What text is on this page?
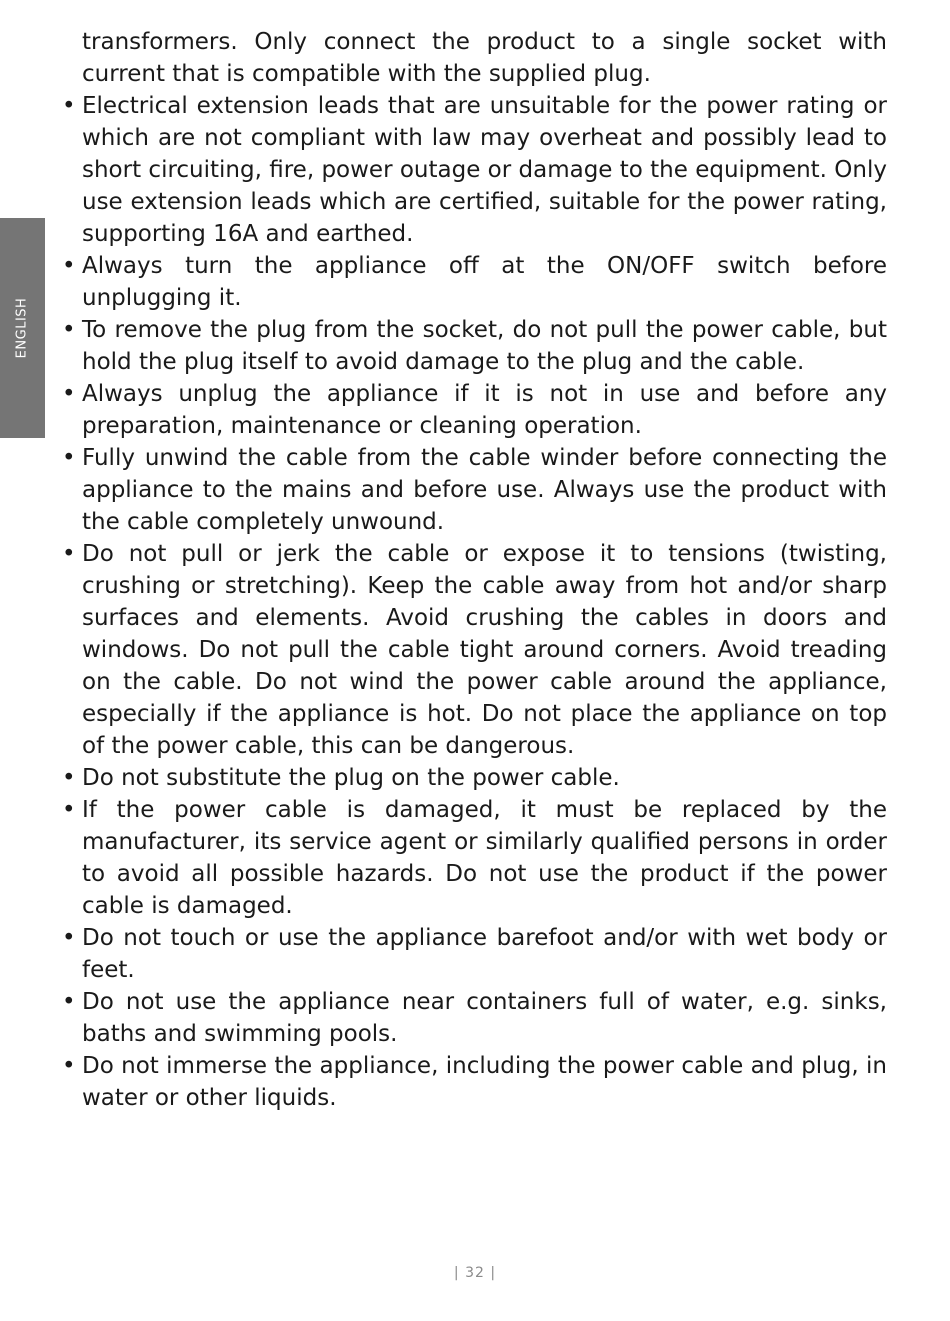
ENGLISH

transformers. Only connect the product to a single socket with current that is compatible with the supplied plug.

• Electrical extension leads that are unsuitable for the power rating or which are not compliant with law may overheat and possibly lead to short circuiting, fire, power outage or damage to the equipment. Only use extension leads which are certified, suitable for the power rating, supporting 16A and earthed.
• Always turn the appliance off at the ON/OFF switch before unplugging it.
• To remove the plug from the socket, do not pull the power cable, but hold the plug itself to avoid damage to the plug and the cable.
• Always unplug the appliance if it is not in use and before any preparation, maintenance or cleaning operation.
• Fully unwind the cable from the cable winder before connecting the appliance to the mains and before use. Always use the product with the cable completely unwound.
• Do not pull or jerk the cable or expose it to tensions (twisting, crushing or stretching). Keep the cable away from hot and/or sharp surfaces and elements. Avoid crushing the cables in doors and windows. Do not pull the cable tight around corners. Avoid treading on the cable. Do not wind the power cable around the appliance, especially if the appliance is hot. Do not place the appliance on top of the power cable, this can be dangerous.
• Do not substitute the plug on the power cable.
• If the power cable is damaged, it must be replaced by the manufacturer, its service agent or similarly qualified persons in order to avoid all possible hazards. Do not use the product if the power cable is damaged.
• Do not touch or use the appliance barefoot and/or with wet body or feet.
• Do not use the appliance near containers full of water, e.g. sinks, baths and swimming pools.
• Do not immerse the appliance, including the power cable and plug, in water or other liquids.
| 32 |
